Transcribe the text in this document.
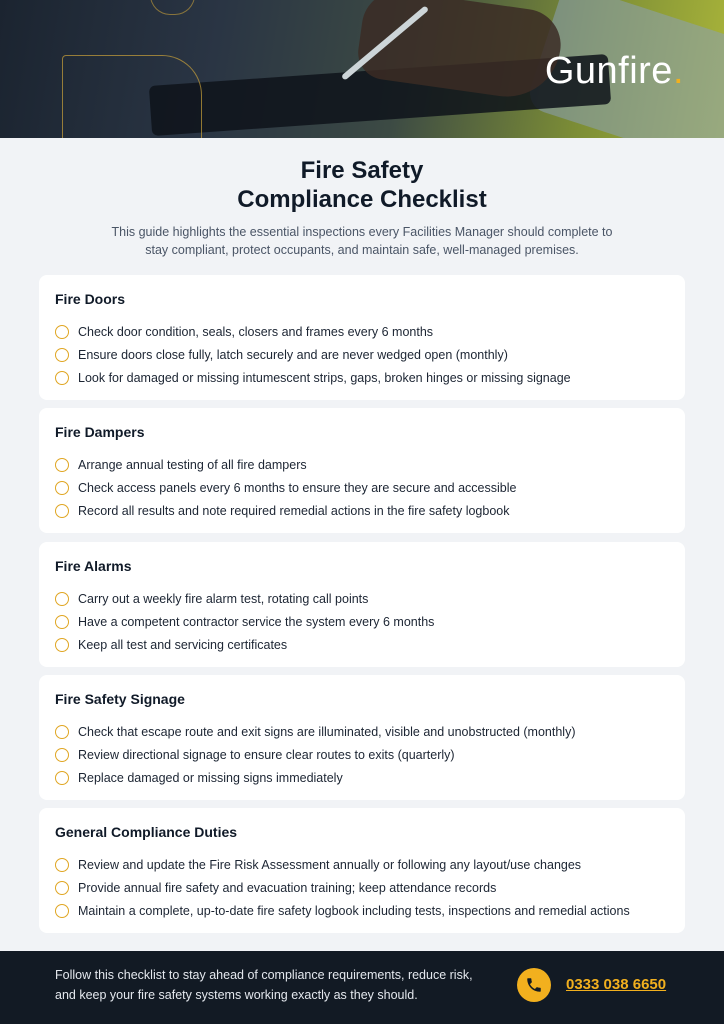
Gunfire.
Fire Safety
Compliance Checklist
This guide highlights the essential inspections every Facilities Manager should complete to
stay compliant, protect occupants, and maintain safe, well-managed premises.
Fire Doors
Check door condition, seals, closers and frames every 6 months
Ensure doors close fully, latch securely and are never wedged open (monthly)
Look for damaged or missing intumescent strips, gaps, broken hinges or missing signage
Fire Dampers
Arrange annual testing of all fire dampers
Check access panels every 6 months to ensure they are secure and accessible
Record all results and note required remedial actions in the fire safety logbook
Fire Alarms
Carry out a weekly fire alarm test, rotating call points
Have a competent contractor service the system every 6 months
Keep all test and servicing certificates
Fire Safety Signage
Check that escape route and exit signs are illuminated, visible and unobstructed (monthly)
Review directional signage to ensure clear routes to exits (quarterly)
Replace damaged or missing signs immediately
General Compliance Duties
Review and update the Fire Risk Assessment annually or following any layout/use changes
Provide annual fire safety and evacuation training; keep attendance records
Maintain a complete, up-to-date fire safety logbook including tests, inspections and remedial actions

Follow this checklist to stay ahead of compliance requirements, reduce risk,
and keep your fire safety systems working exactly as they should.

0333 038 6650
